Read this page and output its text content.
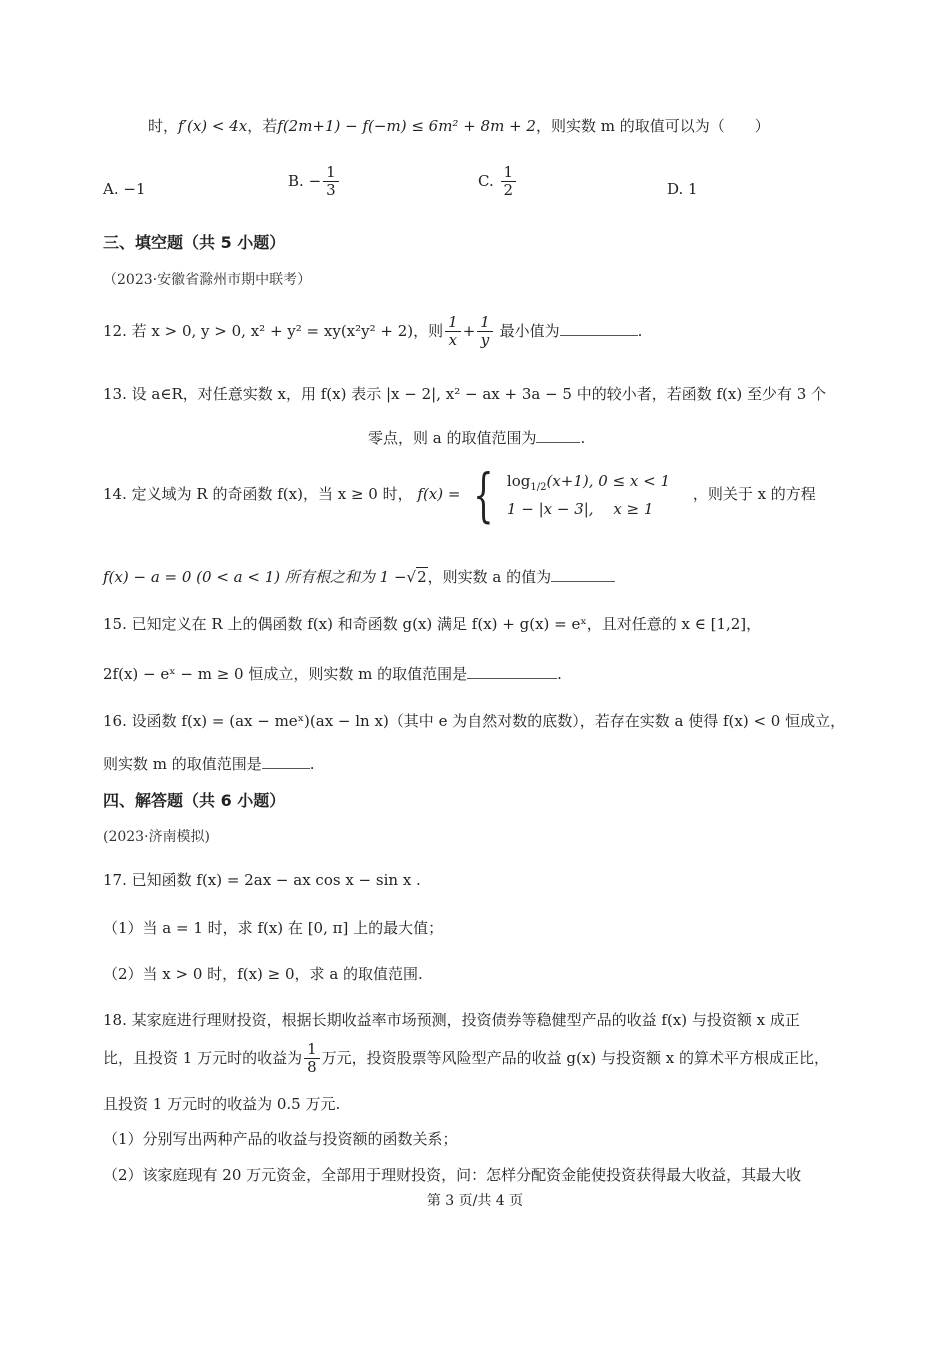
时，f′(x) < 4x，若f(2m+1) − f(−m) ≤ 6m² + 8m + 2，则实数 m 的取值可以为（　　）
A. −1	B. − $\frac{1}{3}$	C. $\frac{1}{2}$	D. 1
三、填空题（共 5 小题）
（2023·安徽省滁州市期中联考）
12. 若 x > 0, y > 0, x² + y² = xy(x²y² + 2)，则 $\frac{1}{x} + \frac{1}{y}$ 最小值为	.
13. 设 a∈R，对任意实数 x，用 f(x) 表示 |x − 2|, x² − ax + 3a − 5 中的较小者，若函数 f(x) 至少有 3 个
零点，则 a 的取值范围为	.
14. 定义域为 R 的奇函数 f(x)，当 x ≥ 0 时， f(x) = { $\log_{1/2}(x+1)$, 0 ≤ x < 1
1 − |x − 3|,　 x ≥ 1
，则关于 x 的方程
f(x) − a = 0 (0 < a < 1) 所有根之和为 1 −√2，则实数 a 的值为
15. 已知定义在 R 上的偶函数 f(x) 和奇函数 g(x) 满足 f(x) + g(x) = eˣ，且对任意的 x ∈ [1,2]，
2f(x) − eˣ − m ≥ 0 恒成立，则实数 m 的取值范围是	.
16. 设函数 f(x) = (ax − meˣ)(ax − ln x)（其中 e 为自然对数的底数），若存在实数 a 使得 f(x) < 0 恒成立，
则实数 m 的取值范围是	.
四、解答题（共 6 小题）
(2023·济南模拟)
17. 已知函数 f(x) = 2ax − ax cos x − sin x .
（1）当 a = 1 时，求 f(x) 在 [0, π] 上的最大值；
（2）当 x > 0 时，f(x) ≥ 0，求 a 的取值范围.
18. 某家庭进行理财投资，根据长期收益率市场预测，投资债券等稳健型产品的收益 f(x) 与投资额 x 成正
比，且投资 1 万元时的收益为 $\frac{1}{8}$ 万元，投资股票等风险型产品的收益 g(x) 与投资额 x 的算术平方根成正比，
且投资 1 万元时的收益为 0.5 万元.
（1）分别写出两种产品的收益与投资额的函数关系；
（2）该家庭现有 20 万元资金，全部用于理财投资，问：怎样分配资金能使投资获得最大收益，其最大收
第 3 页/共 4 页
